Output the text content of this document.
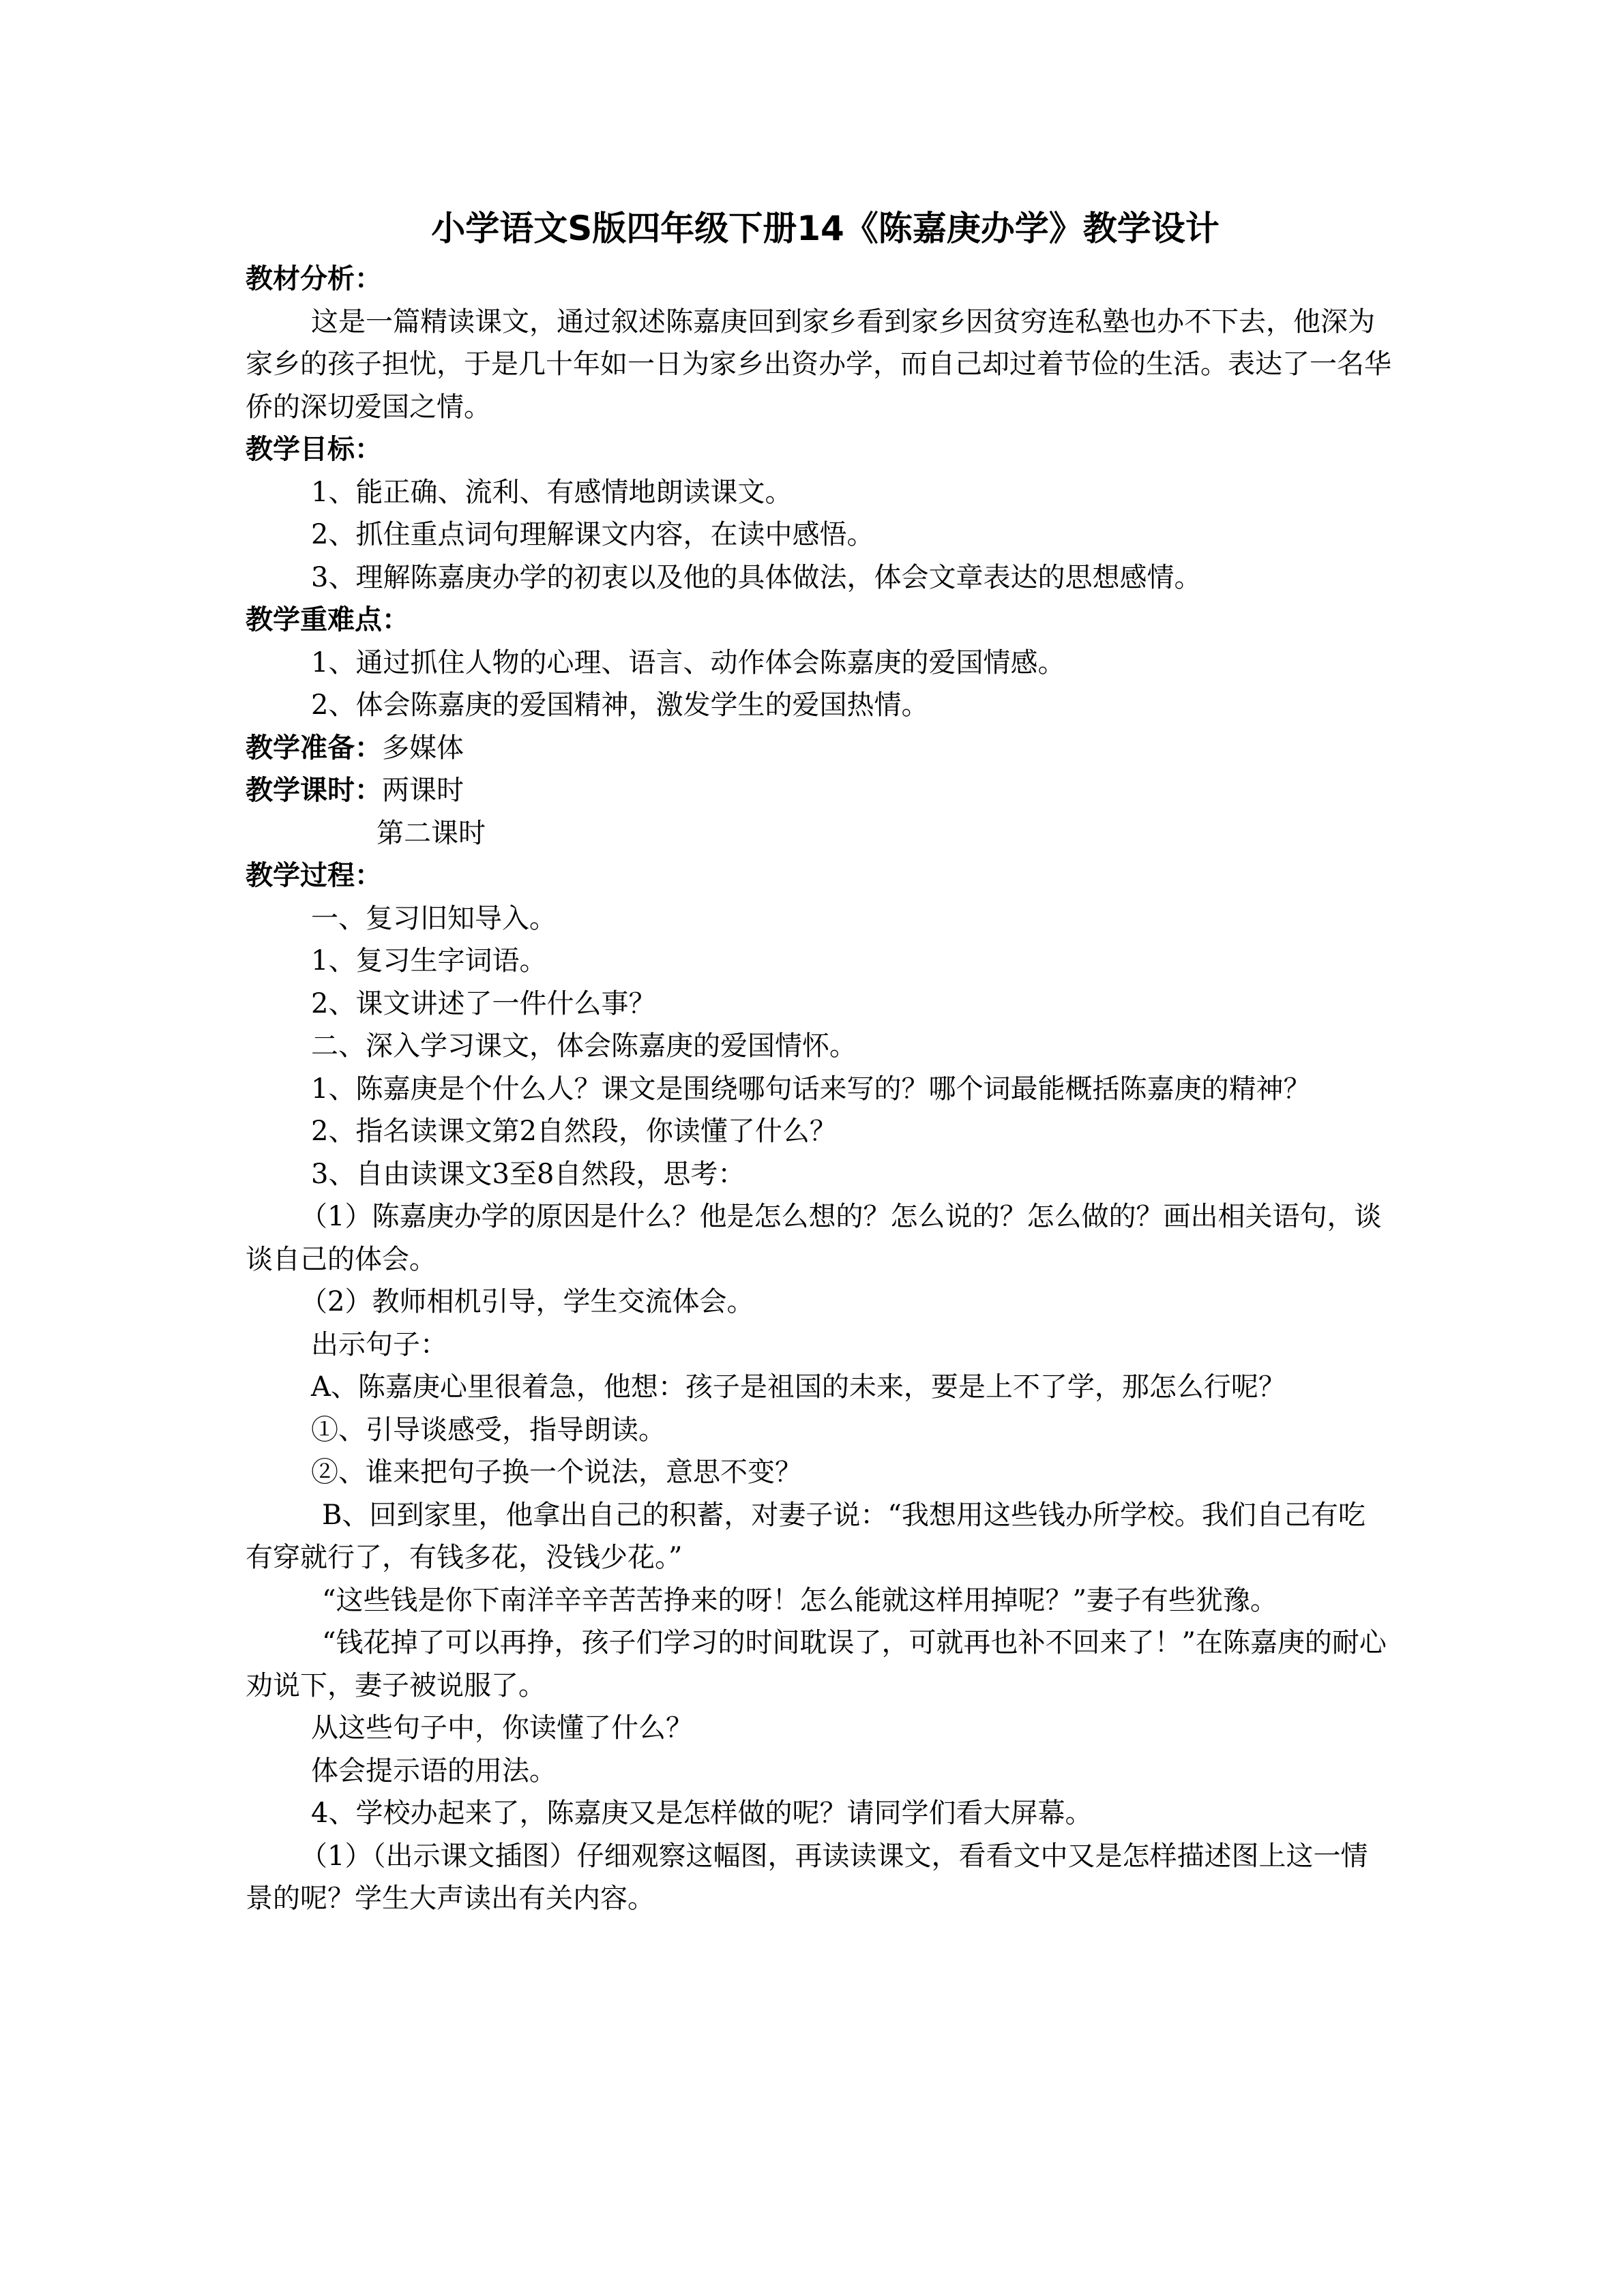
小学语文S版四年级下册14《陈嘉庚办学》教学设计
教材分析：

这是一篇精读课文，通过叙述陈嘉庚回到家乡看到家乡因贫穷连私塾也办不下去，他深为家乡的孩子担忧，于是几十年如一日为家乡出资办学，而自己却过着节俭的生活。表达了一名华侨的深切爱国之情。

教学目标：

1、能正确、流利、有感情地朗读课文。

2、抓住重点词句理解课文内容，在读中感悟。

3、理解陈嘉庚办学的初衷以及他的具体做法，体会文章表达的思想感情。

教学重难点：

1、通过抓住人物的心理、语言、动作体会陈嘉庚的爱国情感。

2、体会陈嘉庚的爱国精神，激发学生的爱国热情。

教学准备：多媒体
教学课时：两课时

第二课时

教学过程：

一、复习旧知导入。

1、复习生字词语。

2、课文讲述了一件什么事？

二、深入学习课文，体会陈嘉庚的爱国情怀。

1、陈嘉庚是个什么人？课文是围绕哪句话来写的？哪个词最能概括陈嘉庚的精神？

2、指名读课文第2自然段，你读懂了什么？

3、自由读课文3至8自然段，思考：

（1）陈嘉庚办学的原因是什么？他是怎么想的？怎么说的？怎么做的？画出相关语句，谈谈自己的体会。

（2）教师相机引导，学生交流体会。

出示句子：

A、陈嘉庚心里很着急，他想：孩子是祖国的未来，要是上不了学，那怎么行呢？

①、引导谈感受，指导朗读。

②、谁来把句子换一个说法，意思不变？

B、回到家里，他拿出自己的积蓄，对妻子说：“我想用这些钱办所学校。我们自己有吃有穿就行了，有钱多花，没钱少花。”

“这些钱是你下南洋辛辛苦苦挣来的呀！怎么能就这样用掉呢？”妻子有些犹豫。

“钱花掉了可以再挣，孩子们学习的时间耽误了，可就再也补不回来了！”在陈嘉庚的耐心劝说下，妻子被说服了。

从这些句子中，你读懂了什么？

体会提示语的用法。

4、学校办起来了，陈嘉庚又是怎样做的呢？请同学们看大屏幕。

（1）（出示课文插图）仔细观察这幅图，再读读课文，看看文中又是怎样描述图上这一情景的呢？学生大声读出有关内容。
